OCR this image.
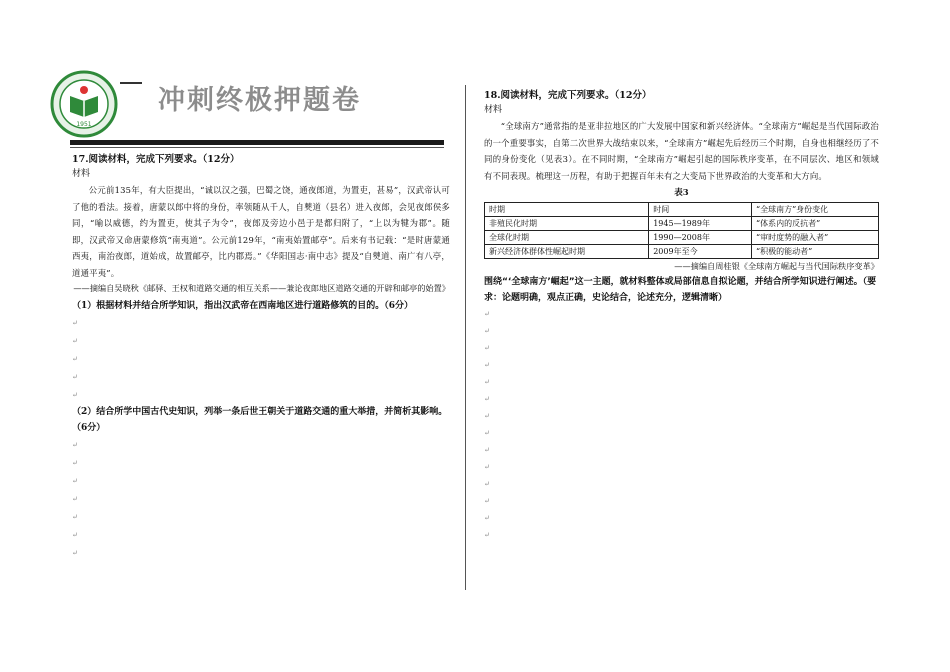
1951
冲刺终极押题卷
17.阅读材料，完成下列要求。（12分）
材料
公元前135年，有大臣提出，“诚以汉之强，巴蜀之饶，通夜郎道，为置吏，甚易”，汉武帝认可了他的看法。接着，唐蒙以郎中将的身份，率领随从千人，自僰道（县名）进入夜郎，会见夜郎侯多同，“喻以威德，约为置吏，使其子为令”，夜郎及旁边小邑于是都归附了，“上以为犍为郡”。随即，汉武帝又命唐蒙修筑“南夷道”。公元前129年，“南夷始置邮亭”。后来有书记载：“是时唐蒙通西夷，南治夜郎，道始成，故置邮亭，比内郡焉。”《华阳国志·南中志》提及“自僰道、南广有八亭，道通平夷”。
——摘编自吴晓秋《邮驿、王权和道路交通的相互关系——兼论夜郎地区道路交通的开辟和邮亭的始置》
（1）根据材料并结合所学知识，指出汉武帝在西南地区进行道路修筑的目的。（6分）
↵
↵
↵
↵
↵
（2）结合所学中国古代史知识，列举一条后世王朝关于道路交通的重大举措，并简析其影响。（6分）
↵
↵
↵
↵
↵
↵
↵
18.阅读材料，完成下列要求。（12分）
材料
“全球南方”通常指的是亚非拉地区的广大发展中国家和新兴经济体。“全球南方”崛起是当代国际政治的一个重要事实，自第二次世界大战结束以来，“全球南方”崛起先后经历三个时期，自身也相继经历了不同的身份变化（见表3）。在不同时期，“全球南方”崛起引起的国际秩序变革，在不同层次、地区和领域有不同表现。梳理这一历程，有助于把握百年未有之大变局下世界政治的大变革和大方向。
表3
时期	时间	“全球南方”身份变化
非殖民化时期	1945—1989年	“体系内的反抗者”
全球化时期	1990—2008年	“审时度势的融入者”
新兴经济体群体性崛起时期	2009年至今	“积极的能动者”
——摘编自周桂银《全球南方崛起与当代国际秩序变革》
围绕“‘全球南方’崛起”这一主题，就材料整体或局部信息自拟论题，并结合所学知识进行阐述。（要求：论题明确，观点正确，史论结合，论述充分，逻辑清晰）
↵
↵
↵
↵
↵
↵
↵
↵
↵
↵
↵
↵
↵
↵
